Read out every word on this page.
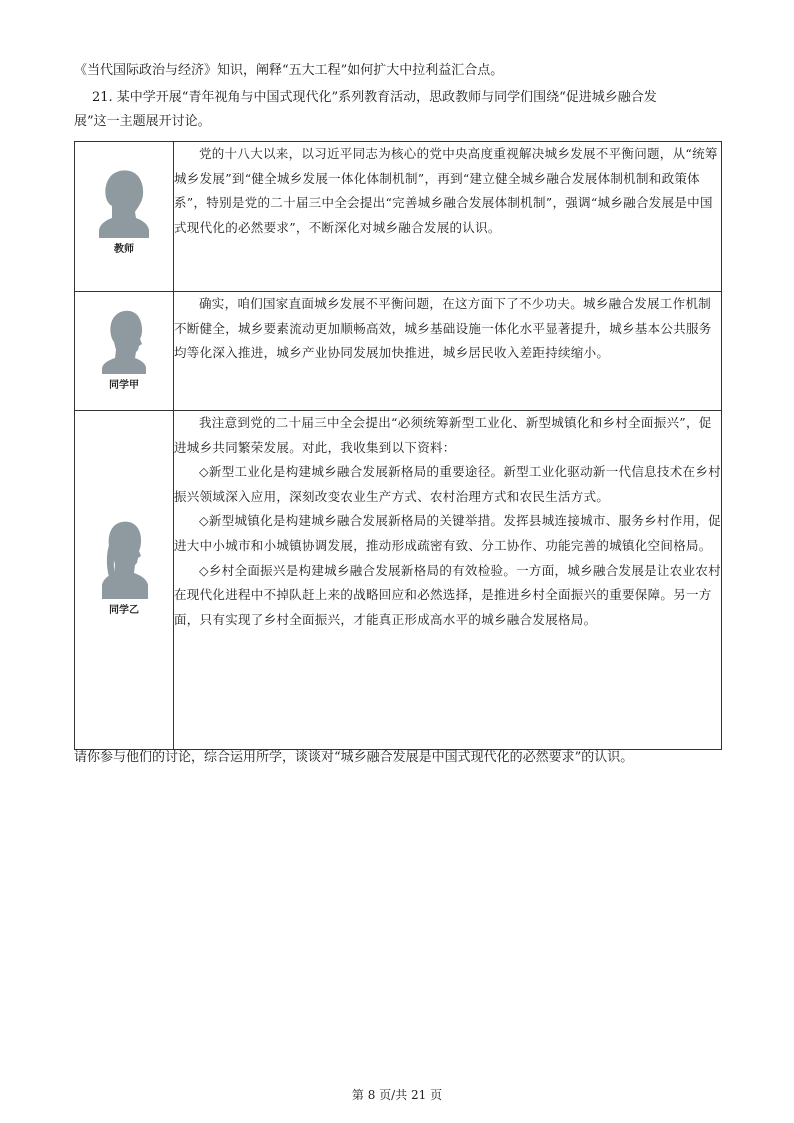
《当代国际政治与经济》知识，阐释“五大工程”如何扩大中拉利益汇合点。

21. 某中学开展“青年视角与中国式现代化”系列教育活动，思政教师与同学们围绕“促进城乡融合发
展”这一主题展开讨论。

教师	党的十八大以来，以习近平同志为核心的党中央高度重视解决城乡发展不平衡问题，从“统筹城乡发展”到“健全城乡发展一体化体制机制”，再到“建立健全城乡融合发展体制机制和政策体系”，特别是党的二十届三中全会提出“完善城乡融合发展体制机制”，强调“城乡融合发展是中国式现代化的必然要求”，不断深化对城乡融合发展的认识。

同学甲	确实，咱们国家直面城乡发展不平衡问题，在这方面下了不少功夫。城乡融合发展工作机制不断健全，城乡要素流动更加顺畅高效，城乡基础设施一体化水平显著提升，城乡基本公共服务均等化深入推进，城乡产业协同发展加快推进，城乡居民收入差距持续缩小。

同学乙	我注意到党的二十届三中全会提出“必须统筹新型工业化、新型城镇化和乡村全面振兴”，促进城乡共同繁荣发展。对此，我收集到以下资料：

◇新型工业化是构建城乡融合发展新格局的重要途径。新型工业化驱动新一代信息技术在乡村振兴领域深入应用，深刻改变农业生产方式、农村治理方式和农民生活方式。

◇新型城镇化是构建城乡融合发展新格局的关键举措。发挥县城连接城市、服务乡村作用，促进大中小城市和小城镇协调发展，推动形成疏密有致、分工协作、功能完善的城镇化空间格局。

◇乡村全面振兴是构建城乡融合发展新格局的有效检验。一方面，城乡融合发展是让农业农村在现代化进程中不掉队赶上来的战略回应和必然选择，是推进乡村全面振兴的重要保障。另一方面，只有实现了乡村全面振兴，才能真正形成高水平的城乡融合发展格局。

请你参与他们的讨论，综合运用所学，谈谈对“城乡融合发展是中国式现代化的必然要求”的认识。

第 8 页/共 21 页
